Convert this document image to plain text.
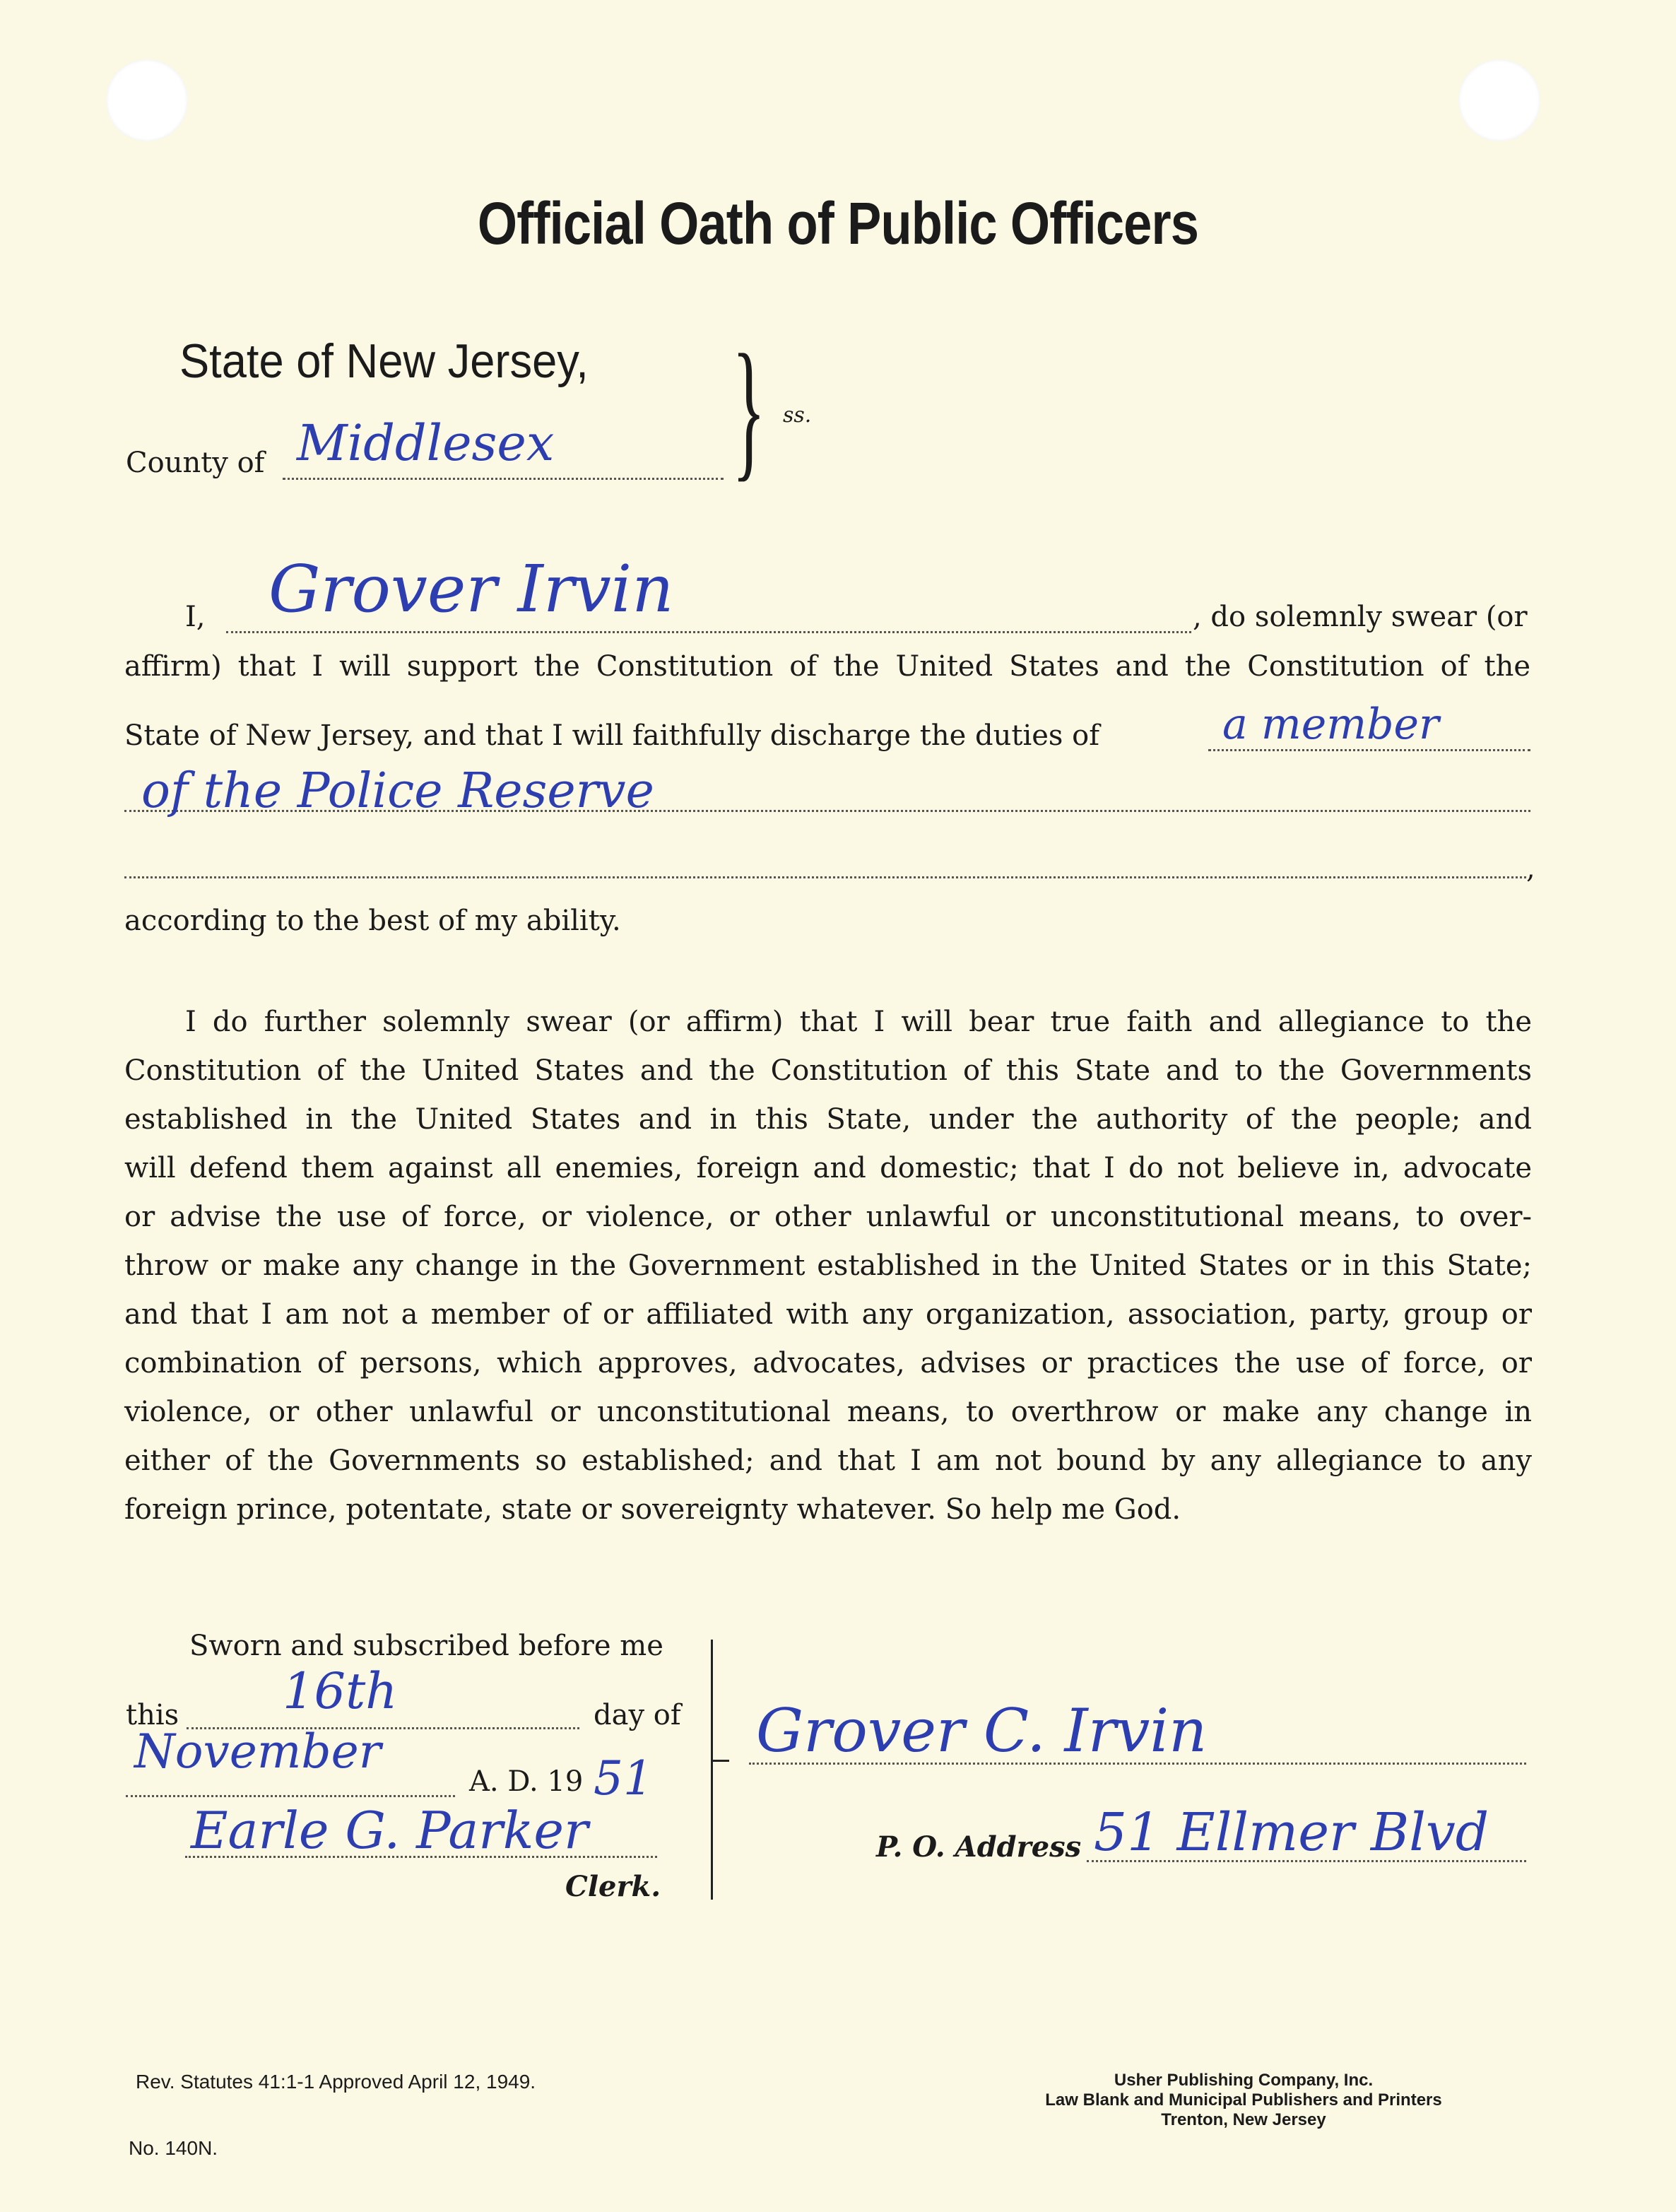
Official Oath of Public Officers
State of New Jersey, } ss.
County of Middlesex
I, Grover Irvin	, do solemnly swear (or
affirm) that I will support the Constitution of the United States and the Constitution of the
State of New Jersey, and that I will faithfully discharge the duties of	a member
of the Police Reserve
,
according to the best of my ability.
I do further solemnly swear (or affirm) that I will bear true faith and allegiance to the
Constitution of the United States and the Constitution of this State and to the Governments
established in the United States and in this State, under the authority of the people; and
will defend them against all enemies, foreign and domestic; that I do not believe in, advocate
or advise the use of force, or violence, or other unlawful or unconstitutional means, to over-
throw or make any change in the Government established in the United States or in this State;
and that I am not a member of or affiliated with any organization, association, party, group or
combination of persons, which approves, advocates, advises or practices the use of force, or
violence, or other unlawful or unconstitutional means, to overthrow or make any change in
either of the Governments so established; and that I am not bound by any allegiance to any
foreign prince, potentate, state or sovereignty whatever. So help me God.
Sworn and subscribed before me
this 16th	day of
November
A. D. 19 51
Earle G. Parker
Clerk.
Grover C. Irvin
P. O. Address 51 Ellmer Blvd
Rev. Statutes 41:1-1 Approved April 12, 1949.
No. 140N.
Usher Publishing Company, Inc.
Law Blank and Municipal Publishers and Printers
Trenton, New Jersey
